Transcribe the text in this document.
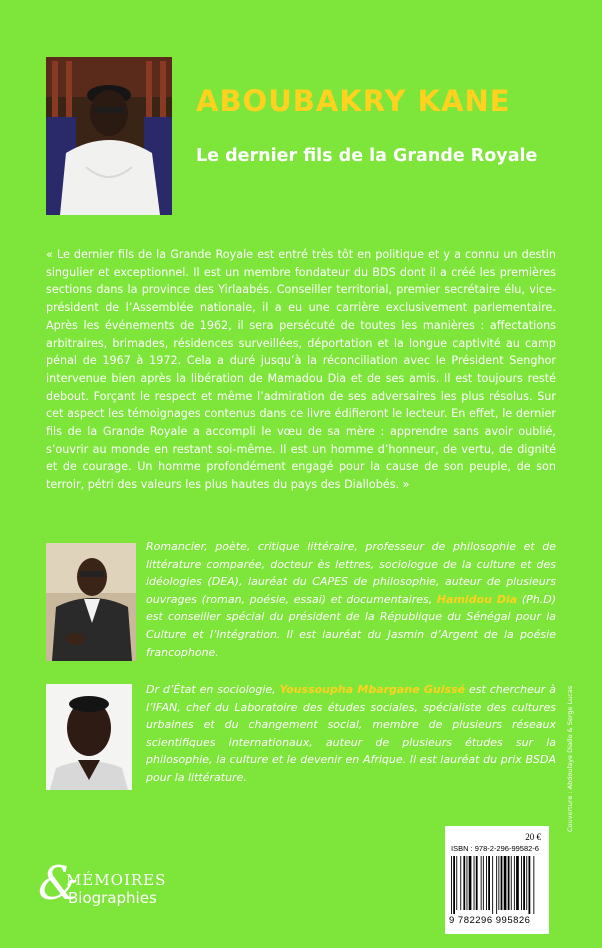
ABOUBAKRY KANE
Le dernier fils de la Grande Royale

« Le dernier fils de la Grande Royale est entré très tôt en politique et y a connu un destin singulier et exceptionnel. Il est un membre fondateur du BDS dont il a créé les premières sections dans la province des Yirlaabés. Conseiller territorial, premier secrétaire élu, vice-président de l’Assemblée nationale, il a eu une carrière exclusivement parlementaire. Après les événements de 1962, il sera persécuté de toutes les manières : affectations arbitraires, brimades, résidences surveillées, déportation et la longue captivité au camp pénal de 1967 à 1972. Cela a duré jusqu’à la réconciliation avec le Président Senghor intervenue bien après la libération de Mamadou Dia et de ses amis. Il est toujours resté debout. Forçant le respect et même l’admiration de ses adversaires les plus résolus. Sur cet aspect les témoignages contenus dans ce livre édifieront le lecteur. En effet, le dernier fils de la Grande Royale a accompli le vœu de sa mère : apprendre sans avoir oublié, s’ouvrir au monde en restant soi-même. Il est un homme d’honneur, de vertu, de dignité et de courage. Un homme profondément engagé pour la cause de son peuple, de son terroir, pétri des valeurs les plus hautes du pays des Diallobés. »

Romancier, poète, critique littéraire, professeur de philosophie et de littérature comparée, docteur ès lettres, sociologue de la culture et des idéologies (DEA), lauréat du CAPES de philosophie, auteur de plusieurs ouvrages (roman, poésie, essai) et documentaires, Hamidou Dia (Ph.D) est conseiller spécial du président de la République du Sénégal pour la Culture et l’Intégration. Il est lauréat du Jasmin d’Argent de la poésie francophone.

Dr d’État en sociologie, Youssoupha Mbargane Guissé est chercheur à l’IFAN, chef du Laboratoire des études sociales, spécialiste des cultures urbaines et du changement social, membre de plusieurs réseaux scientifiques internationaux, auteur de plusieurs études sur la philosophie, la culture et le devenir en Afrique. Il est lauréat du prix BSDA pour la littérature.

&
MÉMOIRES
Biographies
20 €
ISBN : 978-2-296-99582-6
9 782296 995826
Couverture : Abdoulaye Diallo & Serge Lucas
